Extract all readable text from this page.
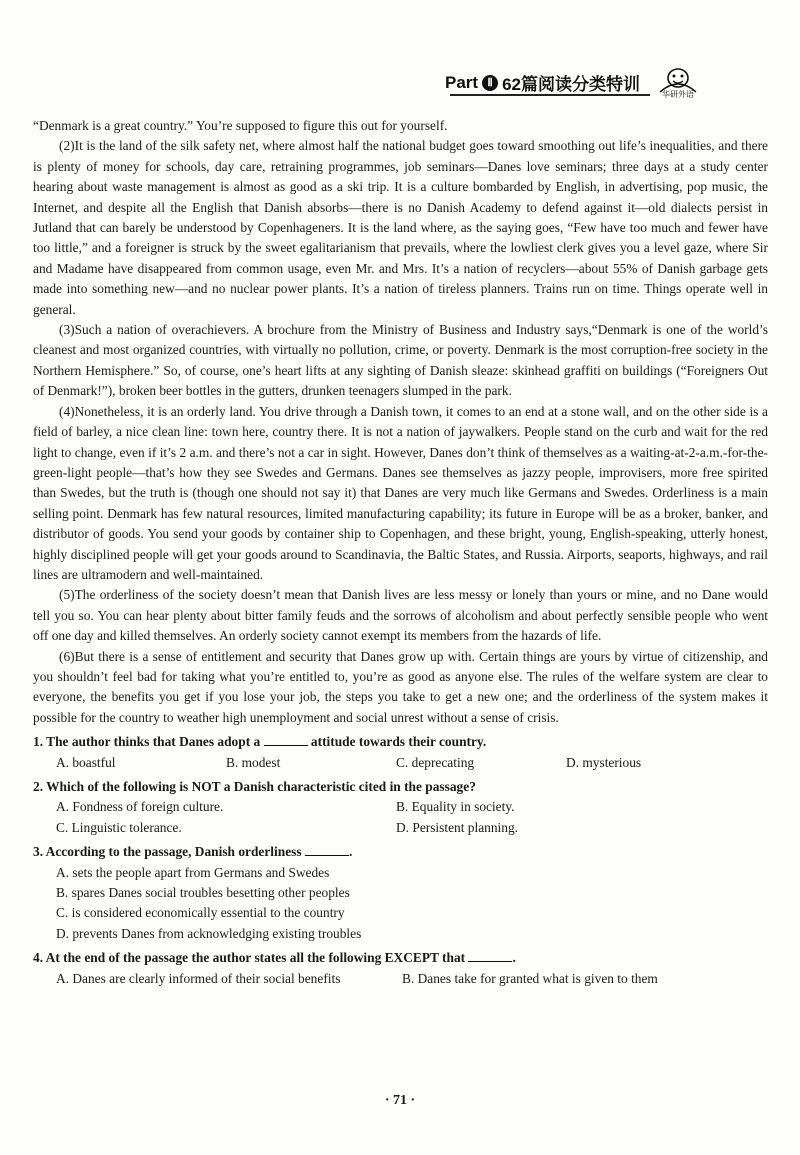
Part Ⅱ 62篇阅读分类特训
华研外语

“Denmark is a great country.” You’re supposed to figure this out for yourself.

(2)It is the land of the silk safety net, where almost half the national budget goes toward smoothing out life’s inequalities, and there is plenty of money for schools, day care, retraining programmes, job seminars—Danes love seminars; three days at a study center hearing about waste management is almost as good as a ski trip. It is a culture bombarded by English, in advertising, pop music, the Internet, and despite all the English that Danish absorbs—there is no Danish Academy to defend against it—old dialects persist in Jutland that can barely be understood by Copenhageners. It is the land where, as the saying goes, “Few have too much and fewer have too little,” and a foreigner is struck by the sweet egalitarianism that prevails, where the lowliest clerk gives you a level gaze, where Sir and Madame have disappeared from common usage, even Mr. and Mrs. It’s a nation of recyclers—about 55% of Danish garbage gets made into something new—and no nuclear power plants. It’s a nation of tireless planners. Trains run on time. Things operate well in general.

(3)Such a nation of overachievers. A brochure from the Ministry of Business and Industry says,“Denmark is one of the world’s cleanest and most organized countries, with virtually no pollution, crime, or poverty. Denmark is the most corruption-free society in the Northern Hemisphere.” So, of course, one’s heart lifts at any sighting of Danish sleaze: skinhead graffiti on buildings (“Foreigners Out of Denmark!”), broken beer bottles in the gutters, drunken teenagers slumped in the park.

(4)Nonetheless, it is an orderly land. You drive through a Danish town, it comes to an end at a stone wall, and on the other side is a field of barley, a nice clean line: town here, country there. It is not a nation of jaywalkers. People stand on the curb and wait for the red light to change, even if it’s 2 a.m. and there’s not a car in sight. However, Danes don’t think of themselves as a waiting-at-2-a.m.-for-the-green-light people—that’s how they see Swedes and Germans. Danes see themselves as jazzy people, improvisers, more free spirited than Swedes, but the truth is (though one should not say it) that Danes are very much like Germans and Swedes. Orderliness is a main selling point. Denmark has few natural resources, limited manufacturing capability; its future in Europe will be as a broker, banker, and distributor of goods. You send your goods by container ship to Copenhagen, and these bright, young, English-speaking, utterly honest, highly disciplined people will get your goods around to Scandinavia, the Baltic States, and Russia. Airports, seaports, highways, and rail lines are ultramodern and well-maintained.

(5)The orderliness of the society doesn’t mean that Danish lives are less messy or lonely than yours or mine, and no Dane would tell you so. You can hear plenty about bitter family feuds and the sorrows of alcoholism and about perfectly sensible people who went off one day and killed themselves. An orderly society cannot exempt its members from the hazards of life.

(6)But there is a sense of entitlement and security that Danes grow up with. Certain things are yours by virtue of citizenship, and you shouldn’t feel bad for taking what you’re entitled to, you’re as good as anyone else. The rules of the welfare system are clear to everyone, the benefits you get if you lose your job, the steps you take to get a new one; and the orderliness of the system makes it possible for the country to weather high unemployment and social unrest without a sense of crisis.

1. The author thinks that Danes adopt a	attitude towards their country.
A. boastful	B. modest	C. deprecating	D. mysterious
2. Which of the following is NOT a Danish characteristic cited in the passage?
A. Fondness of foreign culture.	B. Equality in society.
C. Linguistic tolerance.	D. Persistent planning.
3. According to the passage, Danish orderliness	.
A. sets the people apart from Germans and Swedes
B. spares Danes social troubles besetting other peoples
C. is considered economically essential to the country
D. prevents Danes from acknowledging existing troubles
4. At the end of the passage the author states all the following EXCEPT that	.
A. Danes are clearly informed of their social benefits	B. Danes take for granted what is given to them
· 71 ·
